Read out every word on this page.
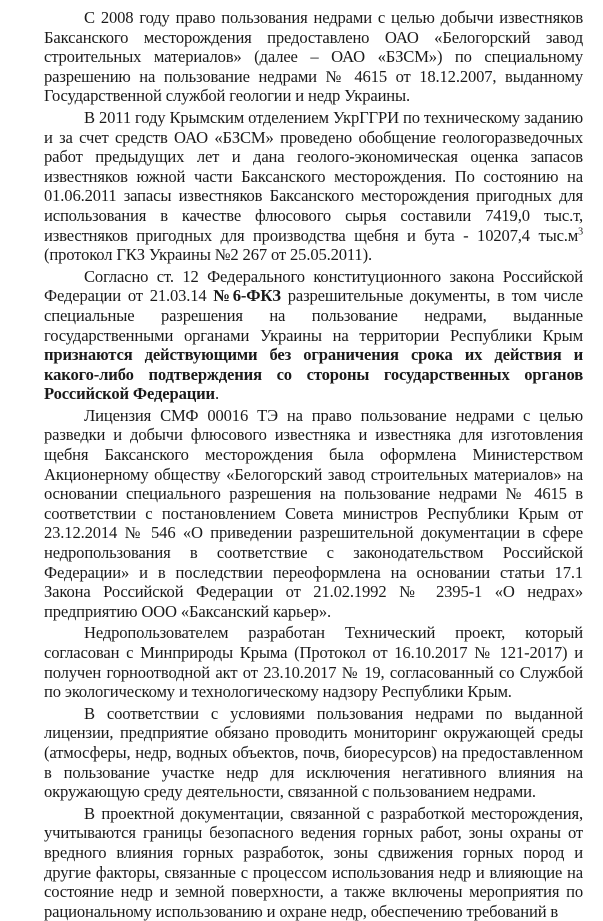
С 2008 году право пользования недрами с целью добычи известняков Баксанского месторождения предоставлено ОАО «Белогорский завод строительных материалов» (далее – ОАО «БЗСМ») по специальному разрешению на пользование недрами № 4615 от 18.12.2007, выданному Государственной службой геологии и недр Украины.

В 2011 году Крымским отделением УкрГГРИ по техническому заданию и за счет средств ОАО «БЗСМ» проведено обобщение геологоразведочных работ предыдущих лет и дана геолого-экономическая оценка запасов известняков южной части Баксанского месторождения. По состоянию на 01.06.2011 запасы известняков Баксанского месторождения пригодных для использования в качестве флюсового сырья составили 7419,0 тыс.т, известняков пригодных для производства щебня и бута - 10207,4 $тыс.м^3$ (протокол ГКЗ Украины №2 267 от 25.05.2011).

Согласно ст. 12 Федерального конституционного закона Российской Федерации от 21.03.14 №6-ФКЗ разрешительные документы, в том числе специальные разрешения на пользование недрами, выданные государственными органами Украины на территории Республики Крым признаются действующими без ограничения срока их действия и какого-либо подтверждения со стороны государственных органов Российской Федерации.

Лицензия СМФ 00016 ТЭ на право пользование недрами с целью разведки и добычи флюсового известняка и известняка для изготовления щебня Баксанского месторождения была оформлена Министерством Акционерному обществу «Белогорский завод строительных материалов» на основании специального разрешения на пользование недрами № 4615 в соответствии с постановлением Совета министров Республики Крым от 23.12.2014 № 546 «О приведении разрешительной документации в сфере недропользования в соответствие с законодательством Российской Федерации» и в последствии переоформлена на основании статьи 17.1 Закона Российской Федерации от 21.02.1992 № 2395-1 «О недрах» предприятию ООО «Баксанский карьер».

Недропользователем разработан Технический проект, который согласован с Минприроды Крыма (Протокол от 16.10.2017 № 121-2017) и получен горноотводной акт от 23.10.2017 № 19, согласованный со Службой по экологическому и технологическому надзору Республики Крым.

В соответствии с условиями пользования недрами по выданной лицензии, предприятие обязано проводить мониторинг окружающей среды (атмосферы, недр, водных объектов, почв, биоресурсов) на предоставленном в пользование участке недр для исключения негативного влияния на окружающую среду деятельности, связанной с пользованием недрами.

В проектной документации, связанной с разработкой месторождения, учитываются границы безопасного ведения горных работ, зоны охраны от вредного влияния горных разработок, зоны сдвижения горных пород и другие факторы, связанные с процессом использования недр и влияющие на состояние недр и земной поверхности, а также включены мероприятия по рациональному использованию и охране недр, обеспечению требований в
